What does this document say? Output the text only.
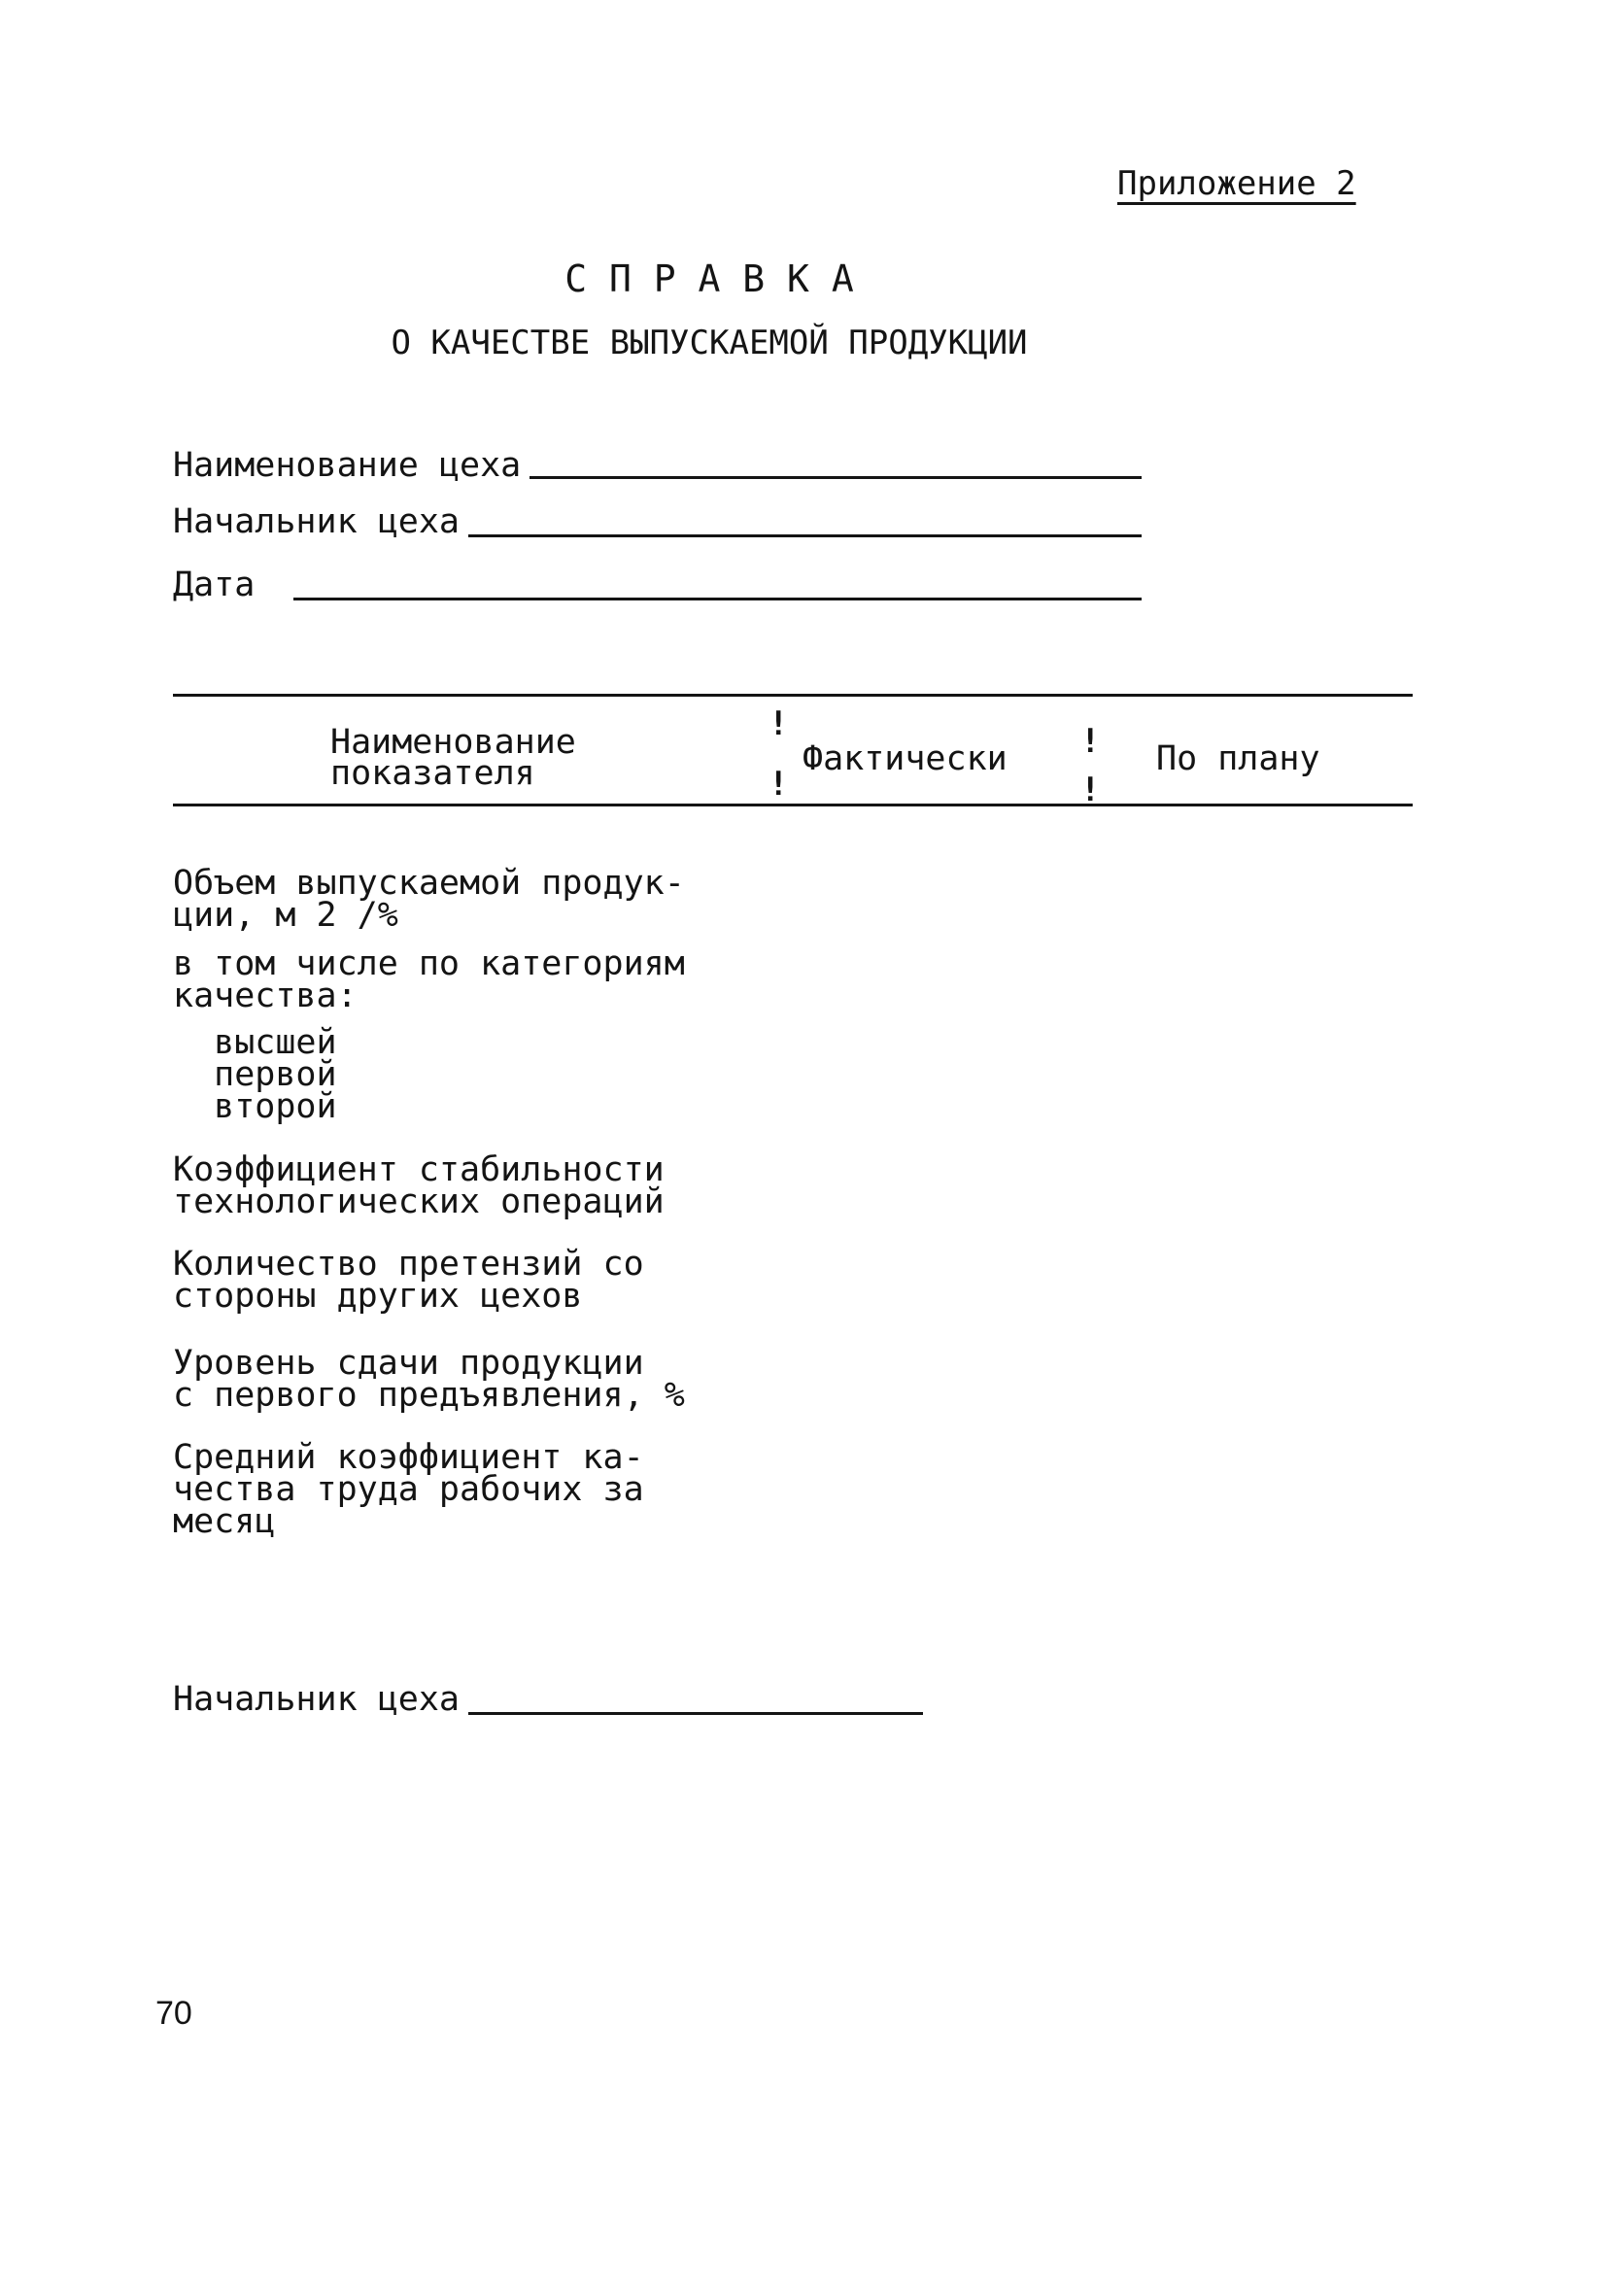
Приложение 2
С П Р А В К А
О КАЧЕСТВЕ ВЫПУСКАЕМОЙ ПРОДУКЦИИ
Наименование цеха
Начальник цеха
Дата
Наименование
показателя
!
!
Фактически !
!
По плану
Объем выпускаемой продук-
ции, м 2 /%
в том числе по категориям
качества:
высшей
первой
второй
Коэффициент стабильности
технологических операций
Количество претензий со
стороны других цехов
Уровень сдачи продукции
с первого предъявления, %
Средний коэффициент ка-
чества труда рабочих за
месяц
Начальник цеха
70
